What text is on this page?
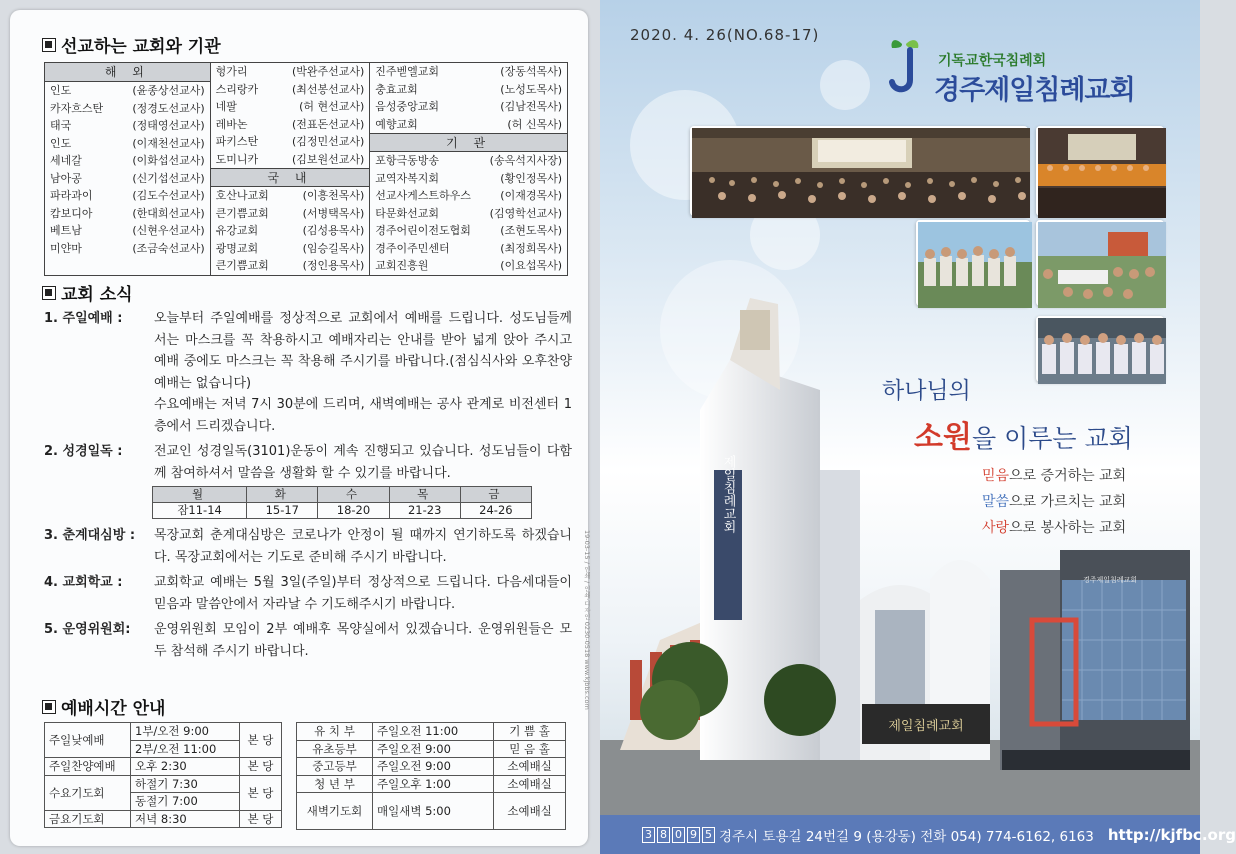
선교하는 교회와 기관
해 외
인도	(윤종상선교사)
카자흐스탄	(정경도선교사)
태국	(정태영선교사)
인도	(이재천선교사)
세네갈	(이화섭선교사)
남아공	(신기섭선교사)
파라과이	(김도수선교사)
캄보디아	(한대희선교사)
베트남	(신현우선교사)
미얀마	(조금숙선교사)

헝가리	(박완주선교사)
스리랑카	(최선봉선교사)
네팔	(허 현선교사)
레바논	(전표돈선교사)
파키스탄	(김정민선교사)
도미니카	(김보원선교사)
국 내
호산나교회	(이흥천목사)
큰기쁨교회	(서병택목사)
유강교회	(김성용목사)
광명교회	(임승길목사)
큰기쁨교회	(정인용목사)

진주벧엘교회	(장동석목사)
충효교회	(노성도목사)
음성중앙교회	(김남전목사)
예향교회	(허 신목사)
기 관
포항극동방송	(송옥석지사장)
교역자복지회	(황인정목사)
선교사게스트하우스	(이재경목사)
타문화선교회	(김영학선교사)
경주어린이전도협회	(조현도목사)
경주이주민센터	(최정희목사)
교회진흥원	(이요섭목사)
교회 소식
1. 주일예배 :	오늘부터 주일예배를 정상적으로 교회에서 예배를 드립니다. 성도님들께서는 마스크를 꼭 착용하시고 예배자리는 안내를 받아 넓게 앉아 주시고 예배 중에도 마스크는 꼭 착용해 주시기를 바랍니다.(점심식사와 오후찬양예배는 없습니다)
수요예배는 저녁 7시 30분에 드리며, 새벽예배는 공사 관계로 비전센터 1층에서 드리겠습니다.
2. 성경일독 :	전교인 성경일독(3101)운동이 계속 진행되고 있습니다. 성도님들이 다함께 참여하셔서 말씀을 생활화 할 수 있기를 바랍니다.
월	화	수	목	금
잠11-14	15-17	18-20	21-23	24-26
3. 춘계대심방 :	목장교회 춘계대심방은 코로나가 안정이 될 때까지 연기하도록 하겠습니다. 목장교회에서는 기도로 준비해 주시기 바랍니다.
4. 교회학교 :	교회학교 예배는 5월 3일(주일)부터 정상적으로 드립니다. 다음세대들이 믿음과 말씀안에서 자라날 수 기도해주시기 바랍니다.
5. 운영위원회:	운영위원회 모임이 2부 예배후 목양실에서 있겠습니다. 운영위원들은 모두 참석해 주시기 바랍니다.
예배시간 안내
주일낮예배	1부/오전 9:00	본 당
	2부/오전 11:00	
주일찬양예배	오후 2:30	본 당
수요기도회	하절기 7:30	본 당
	동절기 7:00	
금요기도회	저녁 8:30	본 당
유 치 부	주일오전 11:00	기 쁨 홀
유초등부	주일오전 9:00	믿 음 홀
중고등부	주일오전 9:00	소예배실
청 년 부	주일오후 1:00	소예배실
새벽기도회	매일새벽 5:00	소예배실
19-03-15 / 인쇄 / 인쇄·디자인 0230-0518 www.kjbbs.com
2020. 4. 26(NO.68-17)
기독교한국침례회
경주제일침례교회
제일침례교회
제일침례교회
경주제일침례교회
하나님의
소원을 이루는 교회
믿음으로 증거하는 교회
말씀으로 가르치는 교회
사랑으로 봉사하는 교회
3 8 0 9 5 경주시 토용길 24번길 9 (용강동) 전화 054) 774-6162, 6163 http://kjfbc.org
